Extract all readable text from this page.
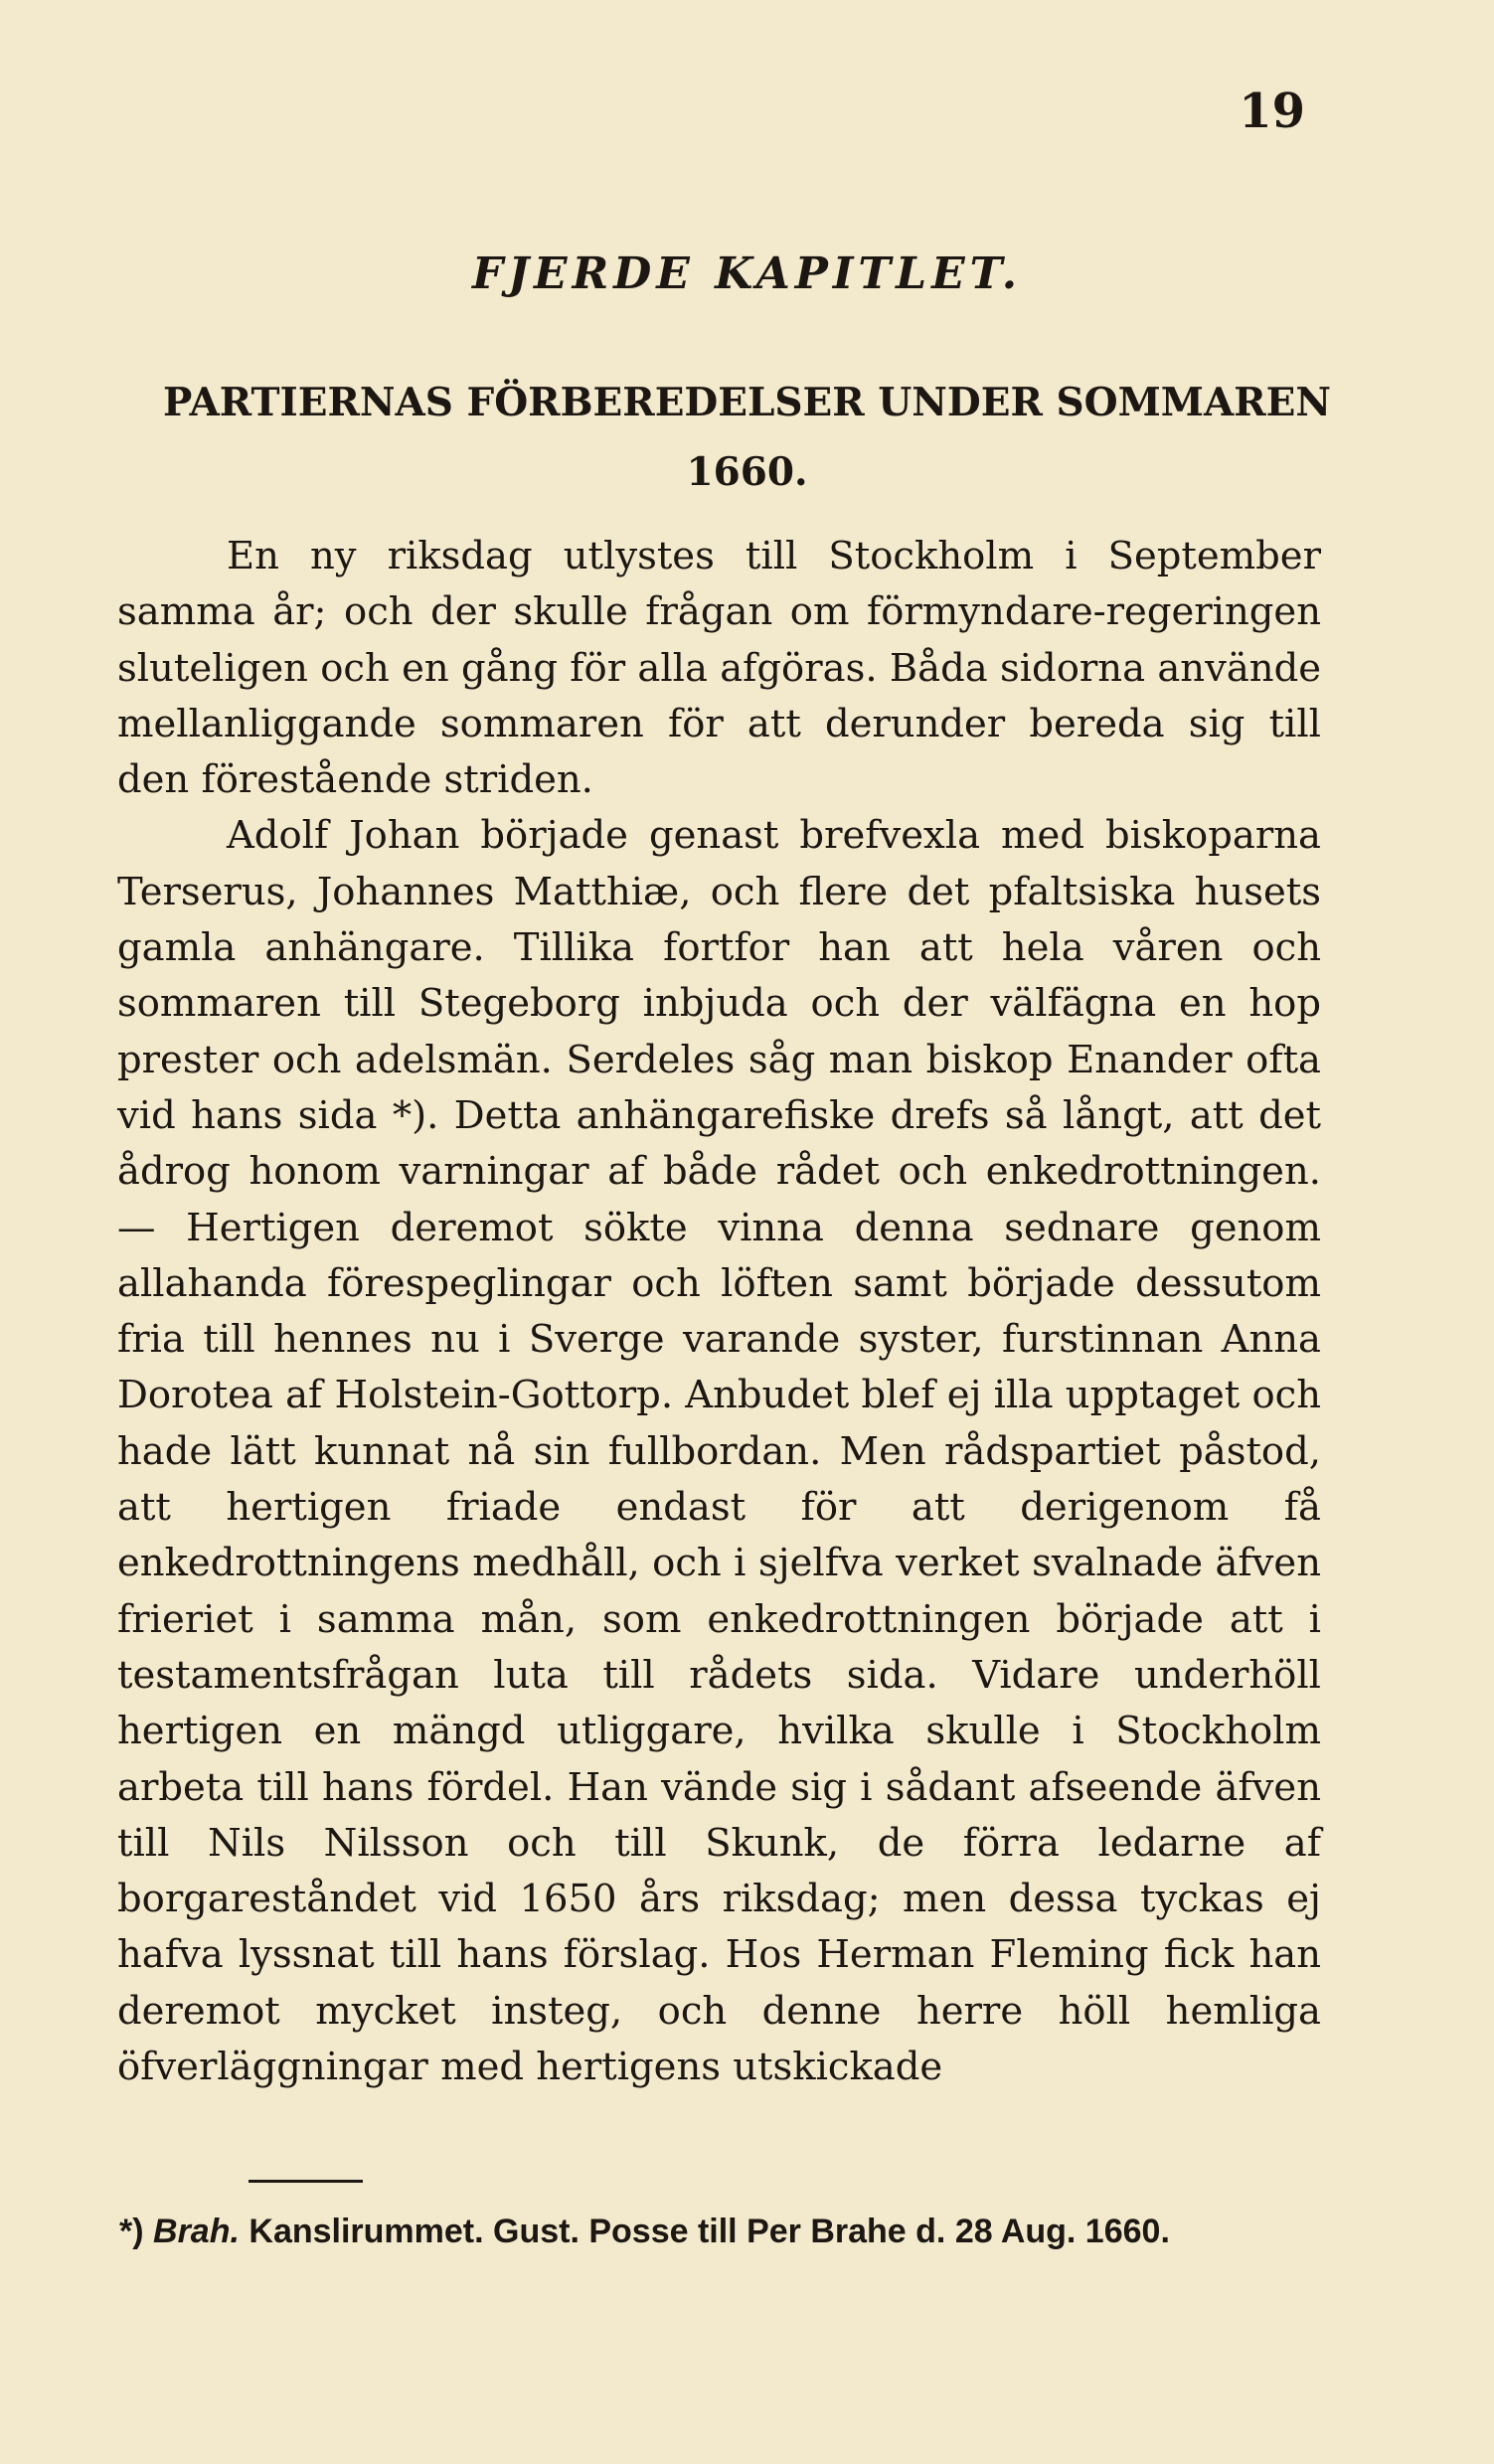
19
FJERDE KAPITLET.
PARTIERNAS FÖRBEREDELSER UNDER SOMMAREN
1660.

En ny riksdag utlystes till Stockholm i September samma år; och der skulle frågan om förmyndare-regeringen sluteligen och en gång för alla afgöras. Båda sidorna använde mellanliggande sommaren för att derunder bereda sig till den förestående striden.

Adolf Johan började genast brefvexla med biskoparna Terserus, Johannes Matthiæ, och flere det pfaltsiska husets gamla anhängare. Tillika fortfor han att hela våren och sommaren till Stegeborg inbjuda och der välfägna en hop prester och adelsmän. Serdeles såg man biskop Enander ofta vid hans sida *). Detta anhängarefiske drefs så långt, att det ådrog honom varningar af både rådet och enkedrottningen. — Hertigen deremot sökte vinna denna sednare genom allahanda förespeglingar och löften samt började dessutom fria till hennes nu i Sverge varande syster, furstinnan Anna Dorotea af Holstein-Gottorp. Anbudet blef ej illa upptaget och hade lätt kunnat nå sin fullbordan. Men rådspartiet påstod, att hertigen friade endast för att derigenom få enkedrottningens medhåll, och i sjelfva verket svalnade äfven frieriet i samma mån, som enkedrottningen började att i testamentsfrågan luta till rådets sida. Vidare underhöll hertigen en mängd utliggare, hvilka skulle i Stockholm arbeta till hans fördel. Han vände sig i sådant afseende äfven till Nils Nilsson och till Skunk, de förra ledarne af borgareståndet vid 1650 års riksdag; men dessa tyckas ej hafva lyssnat till hans förslag. Hos Herman Fleming fick han deremot mycket insteg, och denne herre höll hemliga öfverläggningar med hertigens utskickade

*) Brah. Kanslirummet. Gust. Posse till Per Brahe d. 28 Aug. 1660.
